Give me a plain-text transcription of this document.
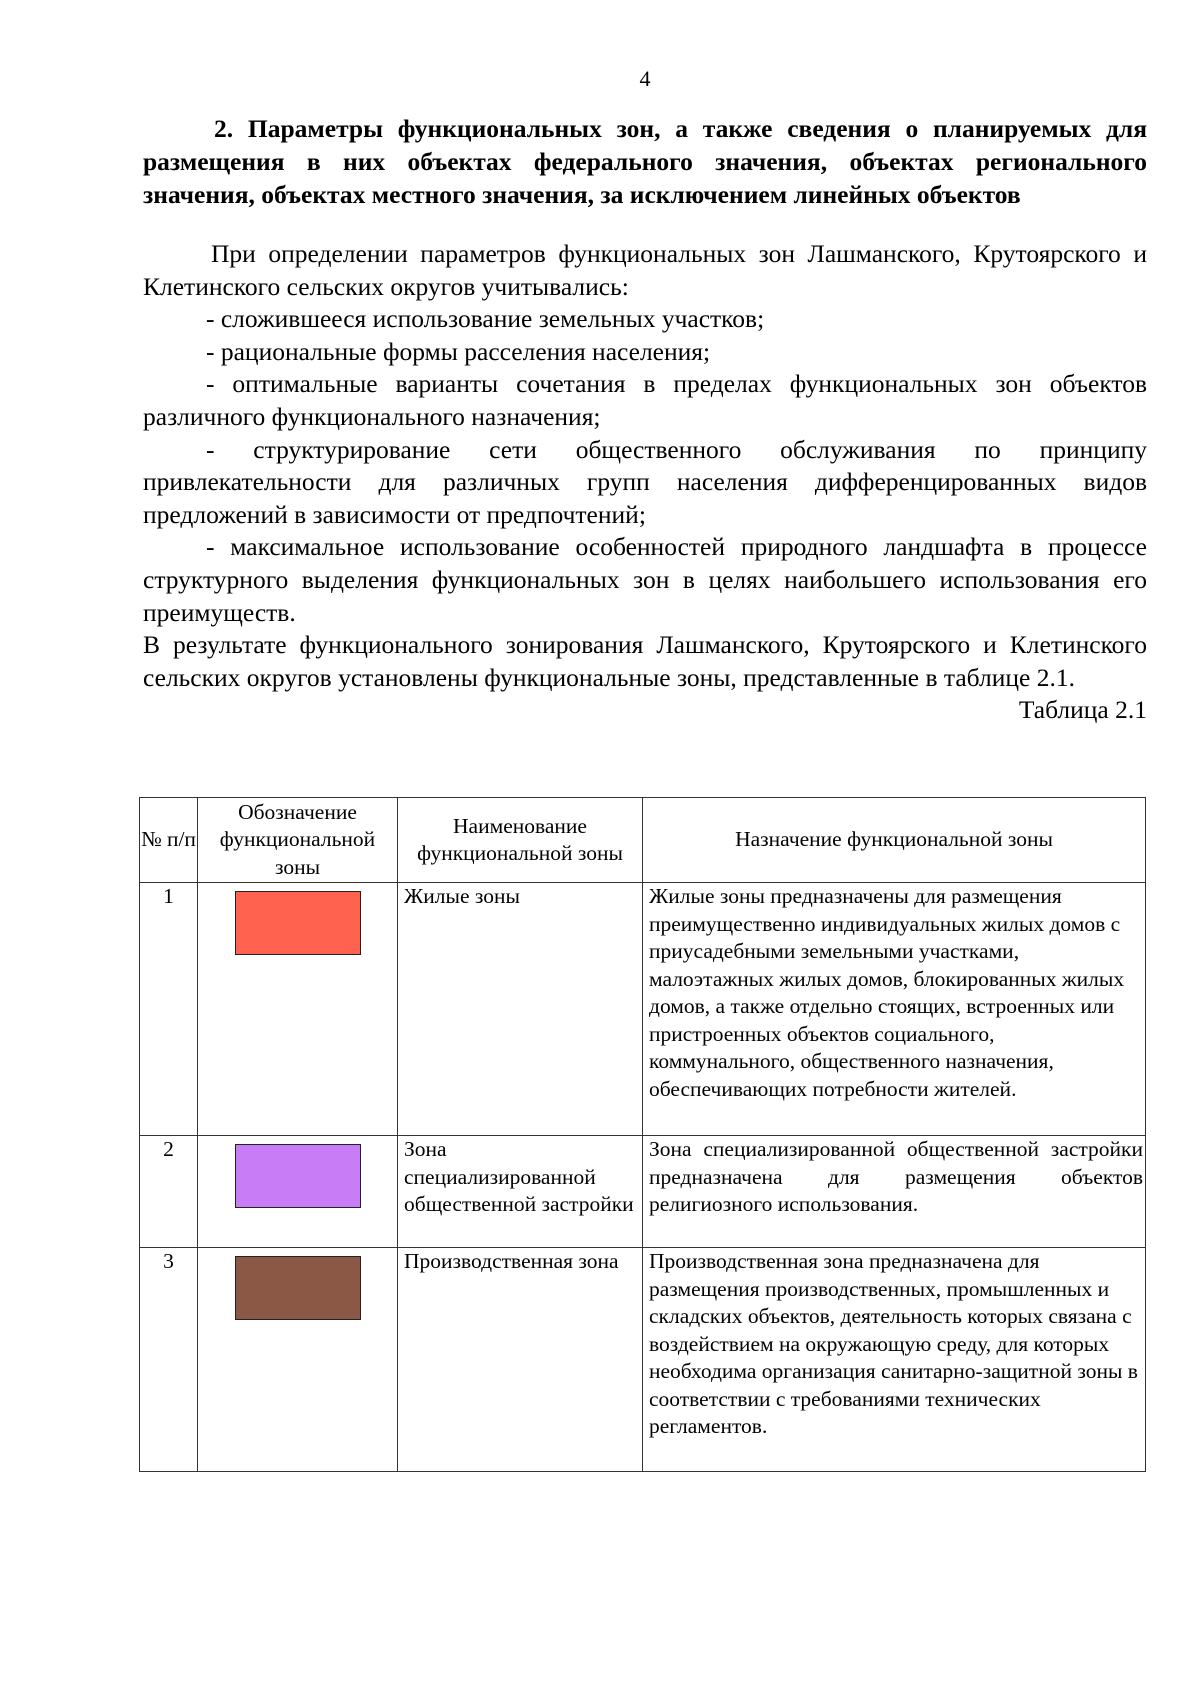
4

2. Параметры функциональных зон, а также сведения о планируемых для размещения в них объектах федерального значения, объектах регионального значения, объектах местного значения, за исключением линейных объектов

При определении параметров функциональных зон Лашманского, Крутоярского и Клетинского сельских округов учитывались:

- сложившееся использование земельных участков;

- рациональные формы расселения населения;

- оптимальные варианты сочетания в пределах функциональных зон объектов различного функционального назначения;

- структурирование сети общественного обслуживания по принципу привлекательности для различных групп населения дифференцированных видов предложений в зависимости от предпочтений;

- максимальное использование особенностей природного ландшафта в процессе структурного выделения функциональных зон в целях наибольшего использования его преимуществ.

В результате функционального зонирования Лашманского, Крутоярского и Клетинского сельских округов установлены функциональные зоны, представленные в таблице 2.1.

Таблица 2.1

№ п/п	Обозначение функциональной зоны	Наименование функциональной зоны	Назначение функциональной зоны
1		Жилые зоны	Жилые зоны предназначены для размещения преимущественно индивидуальных жилых домов с приусадебными земельными участками, малоэтажных жилых домов, блокированных жилых домов, а также отдельно стоящих, встроенных или пристроенных объектов социального, коммунального, общественного назначения, обеспечивающих потребности жителей.
2		Зона специализированной общественной застройки	Зона специализированной общественной застройки предназначена для размещения объектов религиозного использования.
3		Производственная зона	Производственная зона предназначена для размещения производственных, промышленных и складских объектов, деятельность которых связана с воздействием на окружающую среду, для которых необходима организация санитарно-защитной зоны в соответствии с требованиями технических регламентов.
